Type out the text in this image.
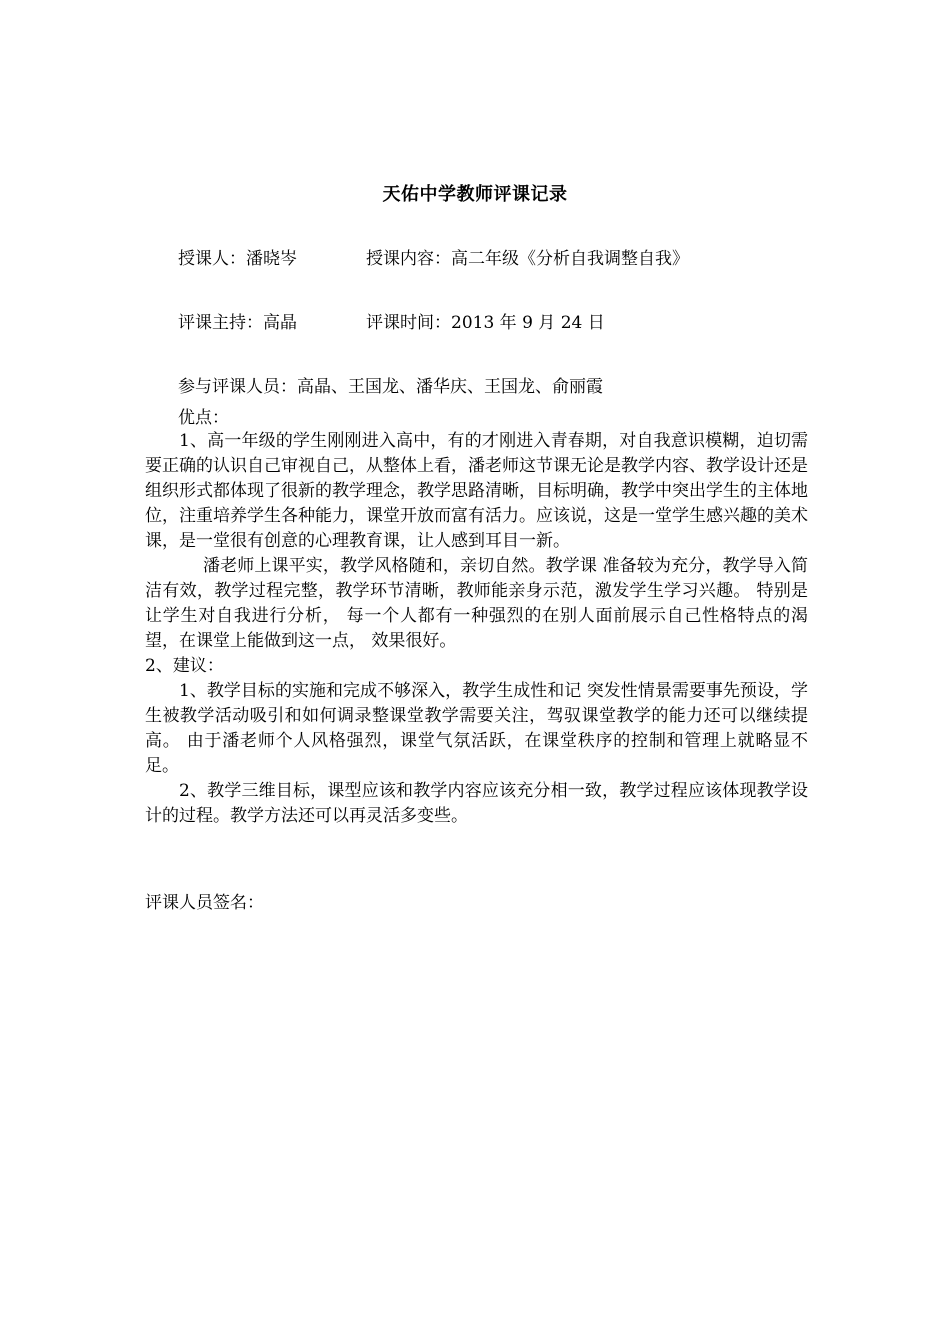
天佑中学教师评课记录
授课人：潘晓岑	授课内容：高二年级《分析自我调整自我》
评课主持：高晶	评课时间：2013 年 9 月 24 日
参与评课人员：高晶、王国龙、潘华庆、王国龙、俞丽霞
优点：

1、高一年级的学生刚刚进入高中，有的才刚进入青春期，对自我意识模糊，迫切需要正确的认识自己审视自己，从整体上看，潘老师这节课无论是教学内容、教学设计还是组织形式都体现了很新的教学理念，教学思路清晰，目标明确，教学中突出学生的主体地位，注重培养学生各种能力，课堂开放而富有活力。应该说，这是一堂学生感兴趣的美术课，是一堂很有创意的心理教育课，让人感到耳目一新。

潘老师上课平实，教学风格随和，亲切自然。教学课 准备较为充分，教学导入简洁有效，教学过程完整，教学环节清晰，教师能亲身示范，激发学生学习兴趣。 特别是让学生对自我进行分析， 每一个人都有一种强烈的在别人面前展示自己性格特点的渴望，在课堂上能做到这一点， 效果很好。

2、建议：

1、教学目标的实施和完成不够深入，教学生成性和记 突发性情景需要事先预设，学生被教学活动吸引和如何调录整课堂教学需要关注，驾驭课堂教学的能力还可以继续提高。 由于潘老师个人风格强烈，课堂气氛活跃，在课堂秩序的控制和管理上就略显不足。

2、教学三维目标，课型应该和教学内容应该充分相一致，教学过程应该体现教学设计的过程。教学方法还可以再灵活多变些。

评课人员签名：
